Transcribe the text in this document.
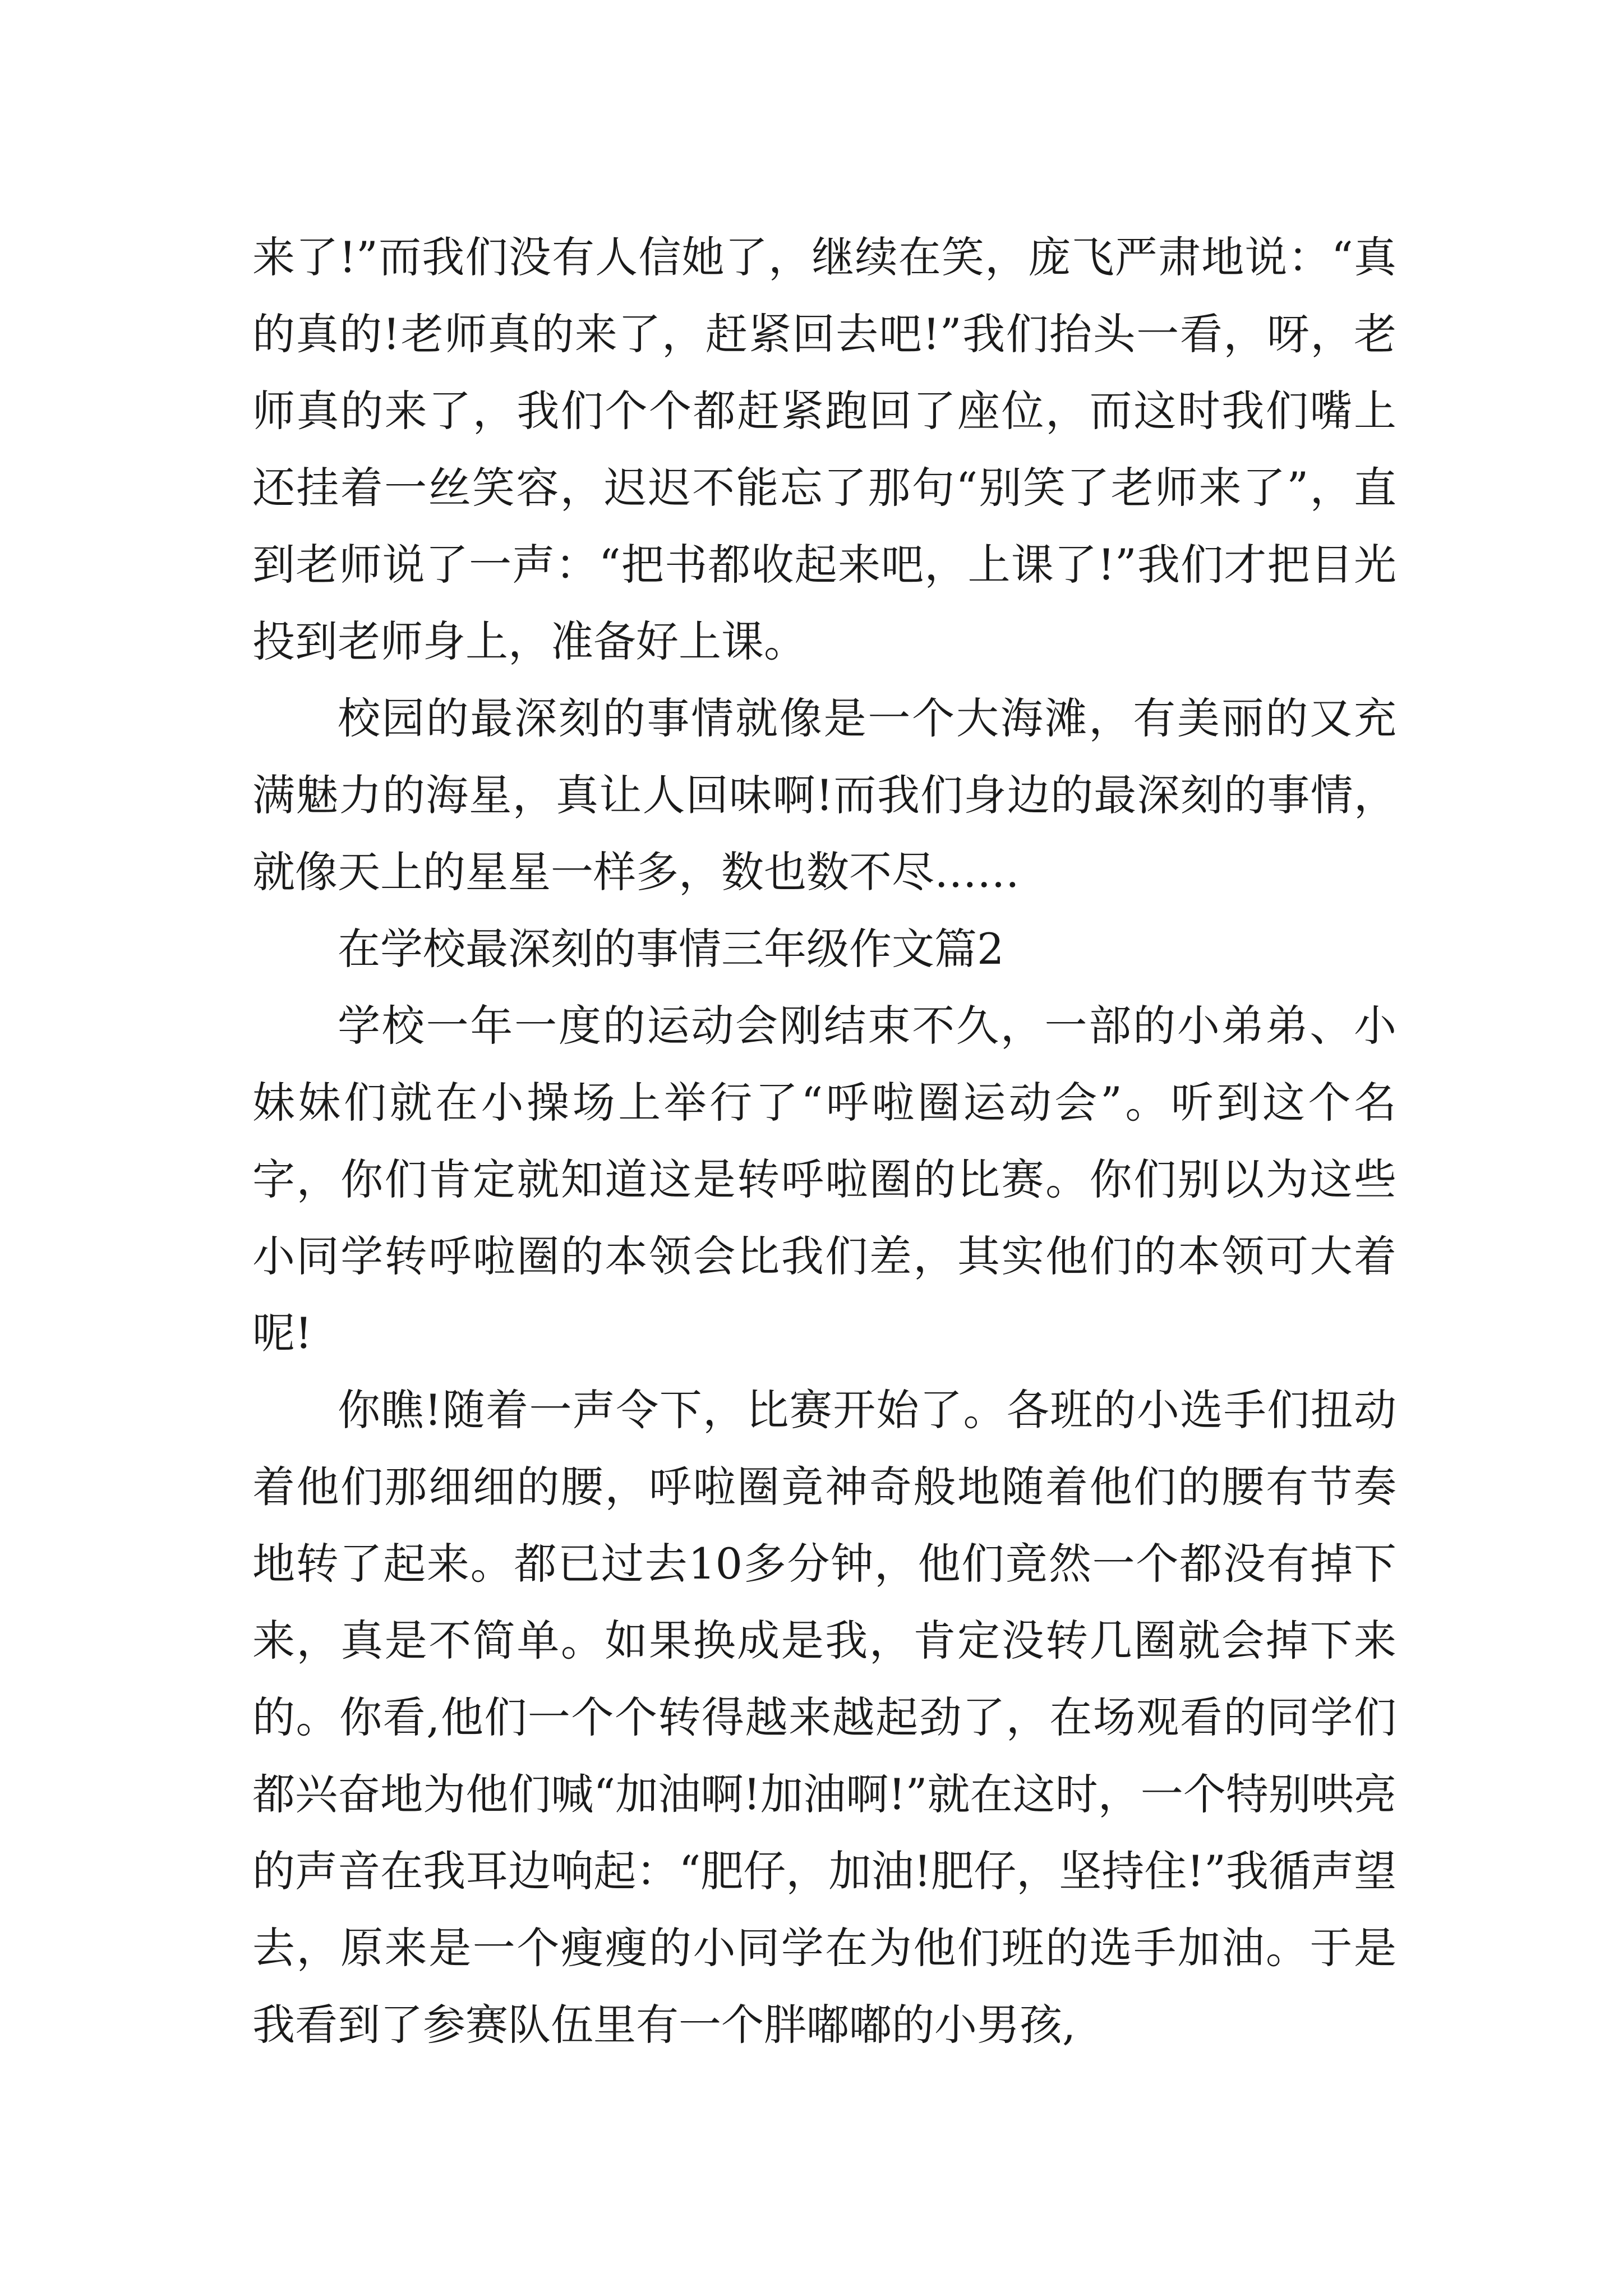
来了!”而我们没有人信她了，继续在笑，庞飞严肃地说：“真的真的!老师真的来了，赶紧回去吧!”我们抬头一看，呀，老师真的来了，我们个个都赶紧跑回了座位，而这时我们嘴上还挂着一丝笑容，迟迟不能忘了那句“别笑了老师来了”，直到老师说了一声：“把书都收起来吧，上课了!”我们才把目光投到老师身上，准备好上课。

校园的最深刻的事情就像是一个大海滩，有美丽的又充满魅力的海星，真让人回味啊!而我们身边的最深刻的事情，就像天上的星星一样多，数也数不尽……

在学校最深刻的事情三年级作文篇2

学校一年一度的运动会刚结束不久，一部的小弟弟、小妹妹们就在小操场上举行了“呼啦圈运动会”。听到这个名字，你们肯定就知道这是转呼啦圈的比赛。你们别以为这些小同学转呼啦圈的本领会比我们差，其实他们的本领可大着呢!

你瞧!随着一声令下，比赛开始了。各班的小选手们扭动着他们那细细的腰，呼啦圈竟神奇般地随着他们的腰有节奏地转了起来。都已过去10多分钟，他们竟然一个都没有掉下来，真是不简单。如果换成是我，肯定没转几圈就会掉下来的。你看,他们一个个转得越来越起劲了，在场观看的同学们都兴奋地为他们喊“加油啊!加油啊!”就在这时，一个特别哄亮的声音在我耳边响起：“肥仔，加油!肥仔，坚持住!”我循声望去，原来是一个瘦瘦的小同学在为他们班的选手加油。于是我看到了参赛队伍里有一个胖嘟嘟的小男孩,
